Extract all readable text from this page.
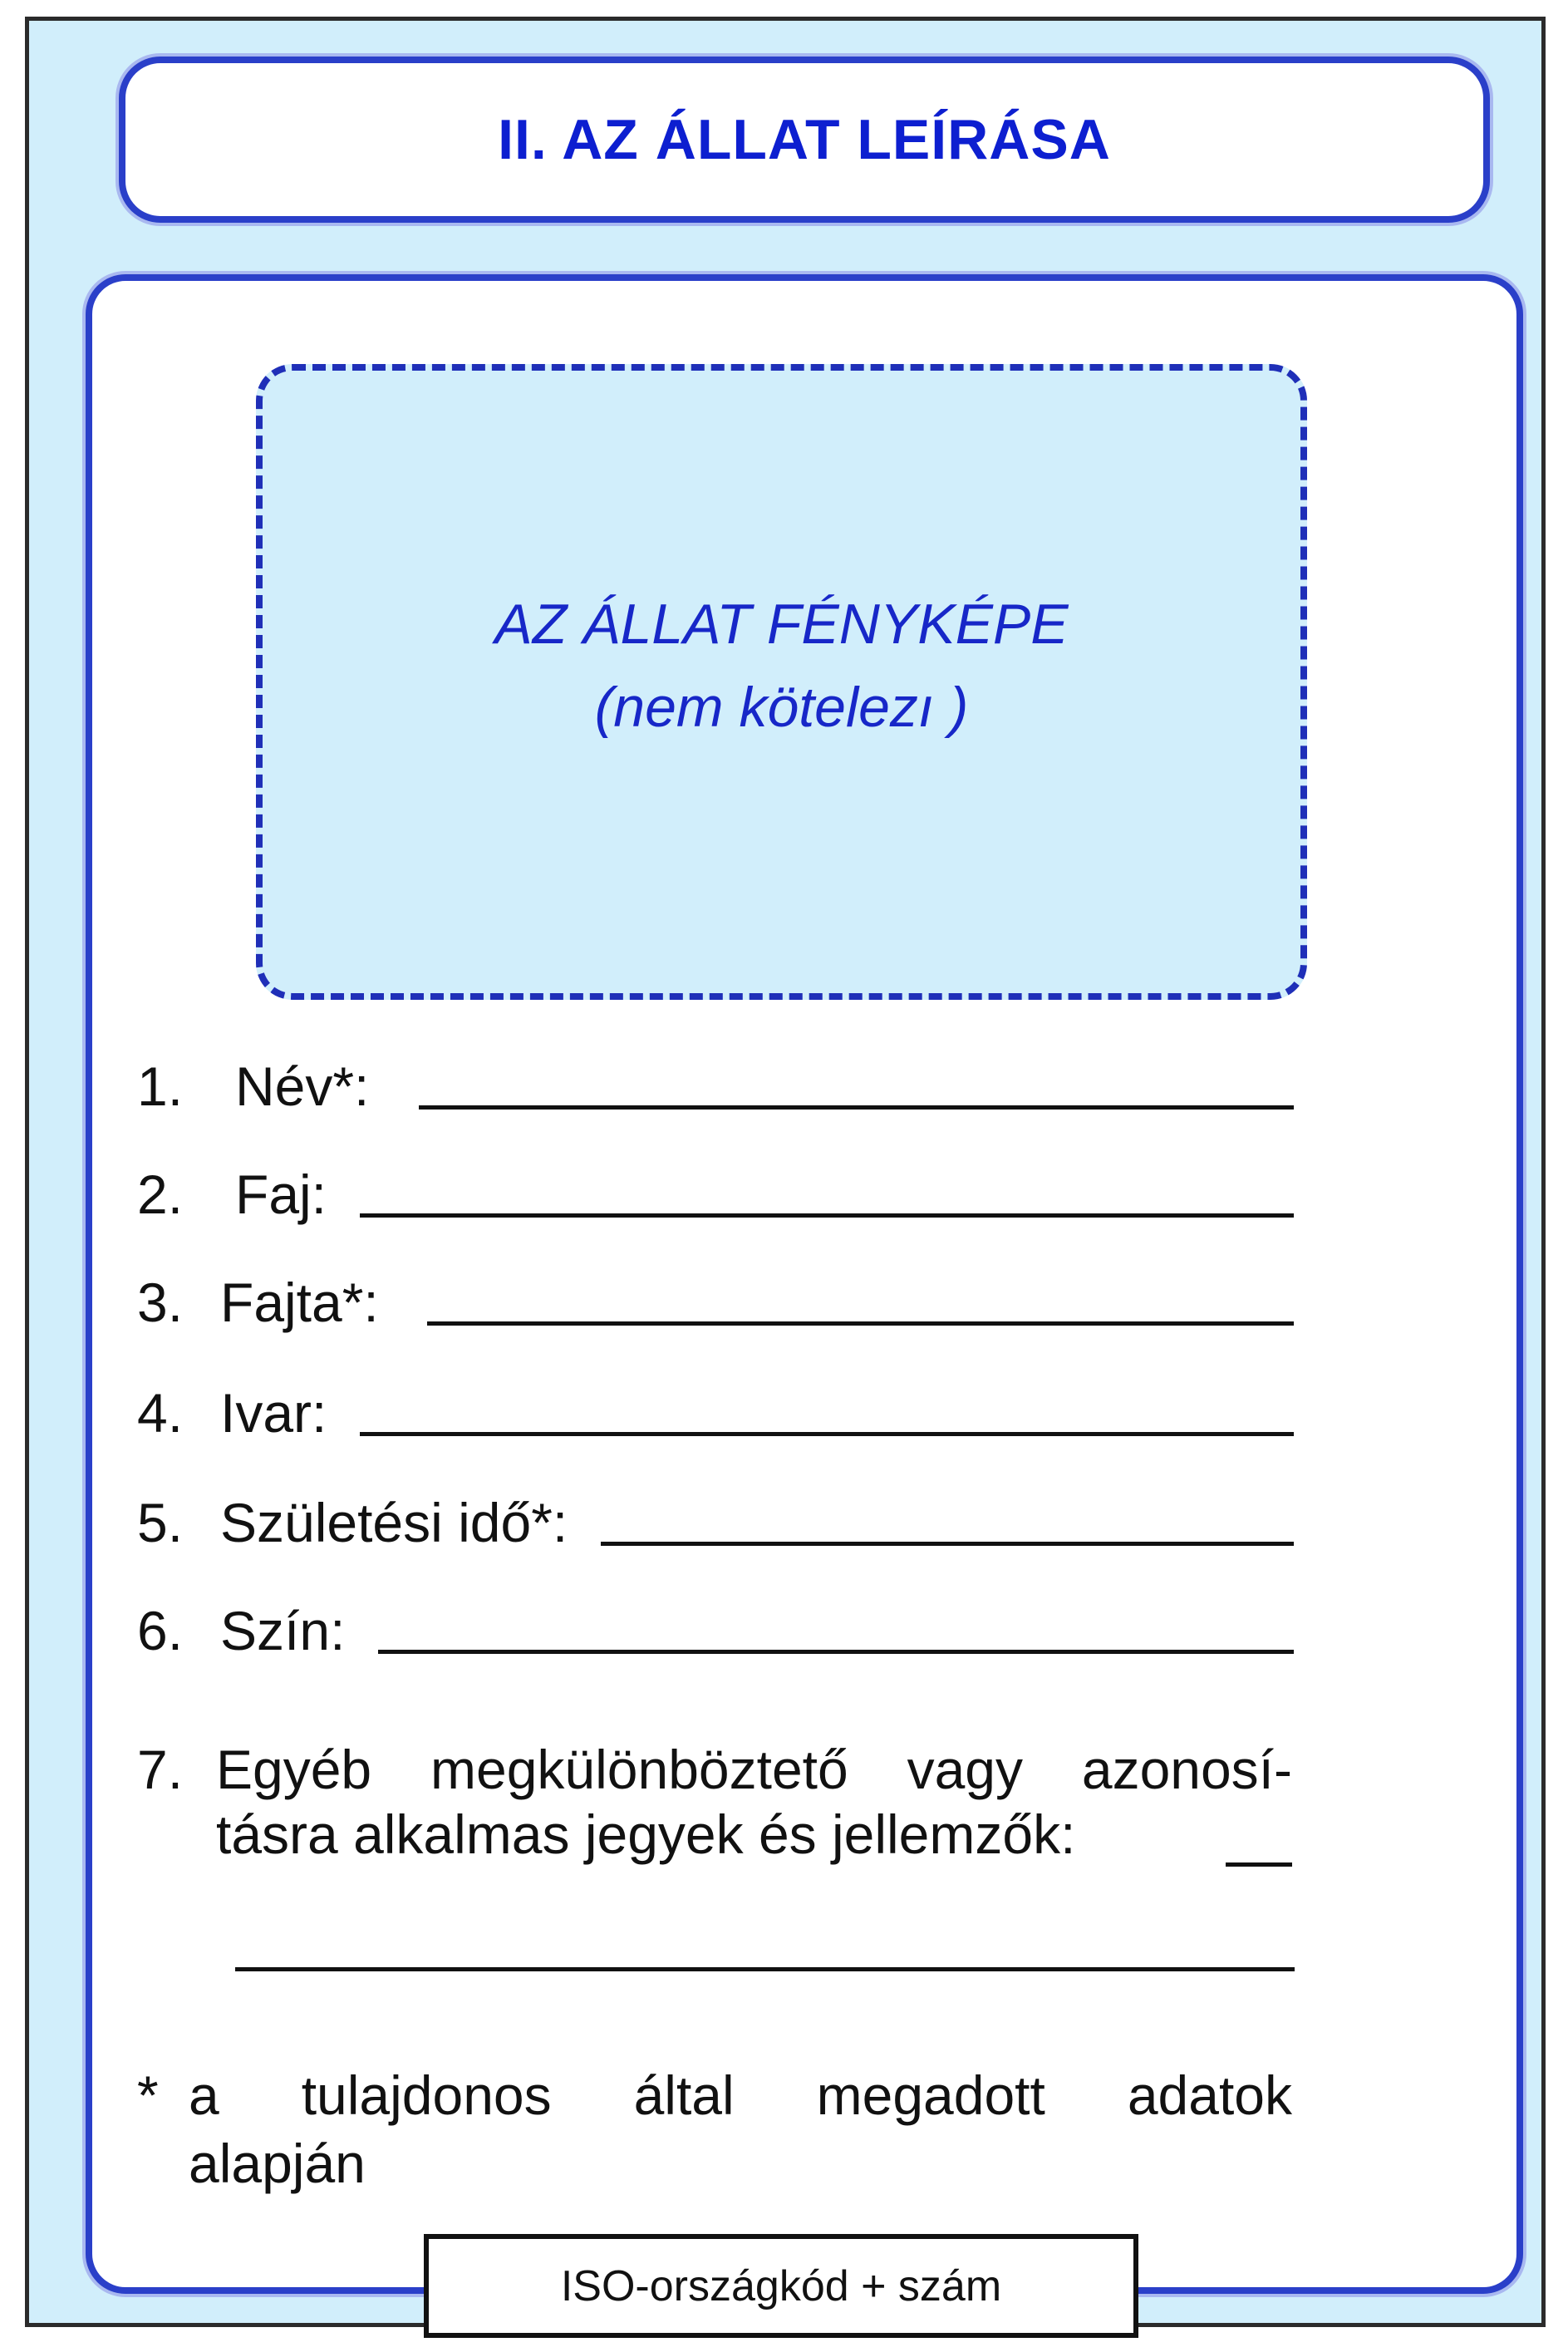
II. AZ ÁLLAT LEÍRÁSA
AZ ÁLLAT FÉNYKÉPE
(nem kötelezı )
1. Név*:
2. Faj:
3. Fajta*:
4. Ivar:
5. Születési idő*:
6. Szín:
7. Egyéb megkülönböztető vagy azonosí-
tásra alkalmas jegyek és jellemzők:
* a tulajdonos által megadott adatok
alapján
ISO-országkód + szám
